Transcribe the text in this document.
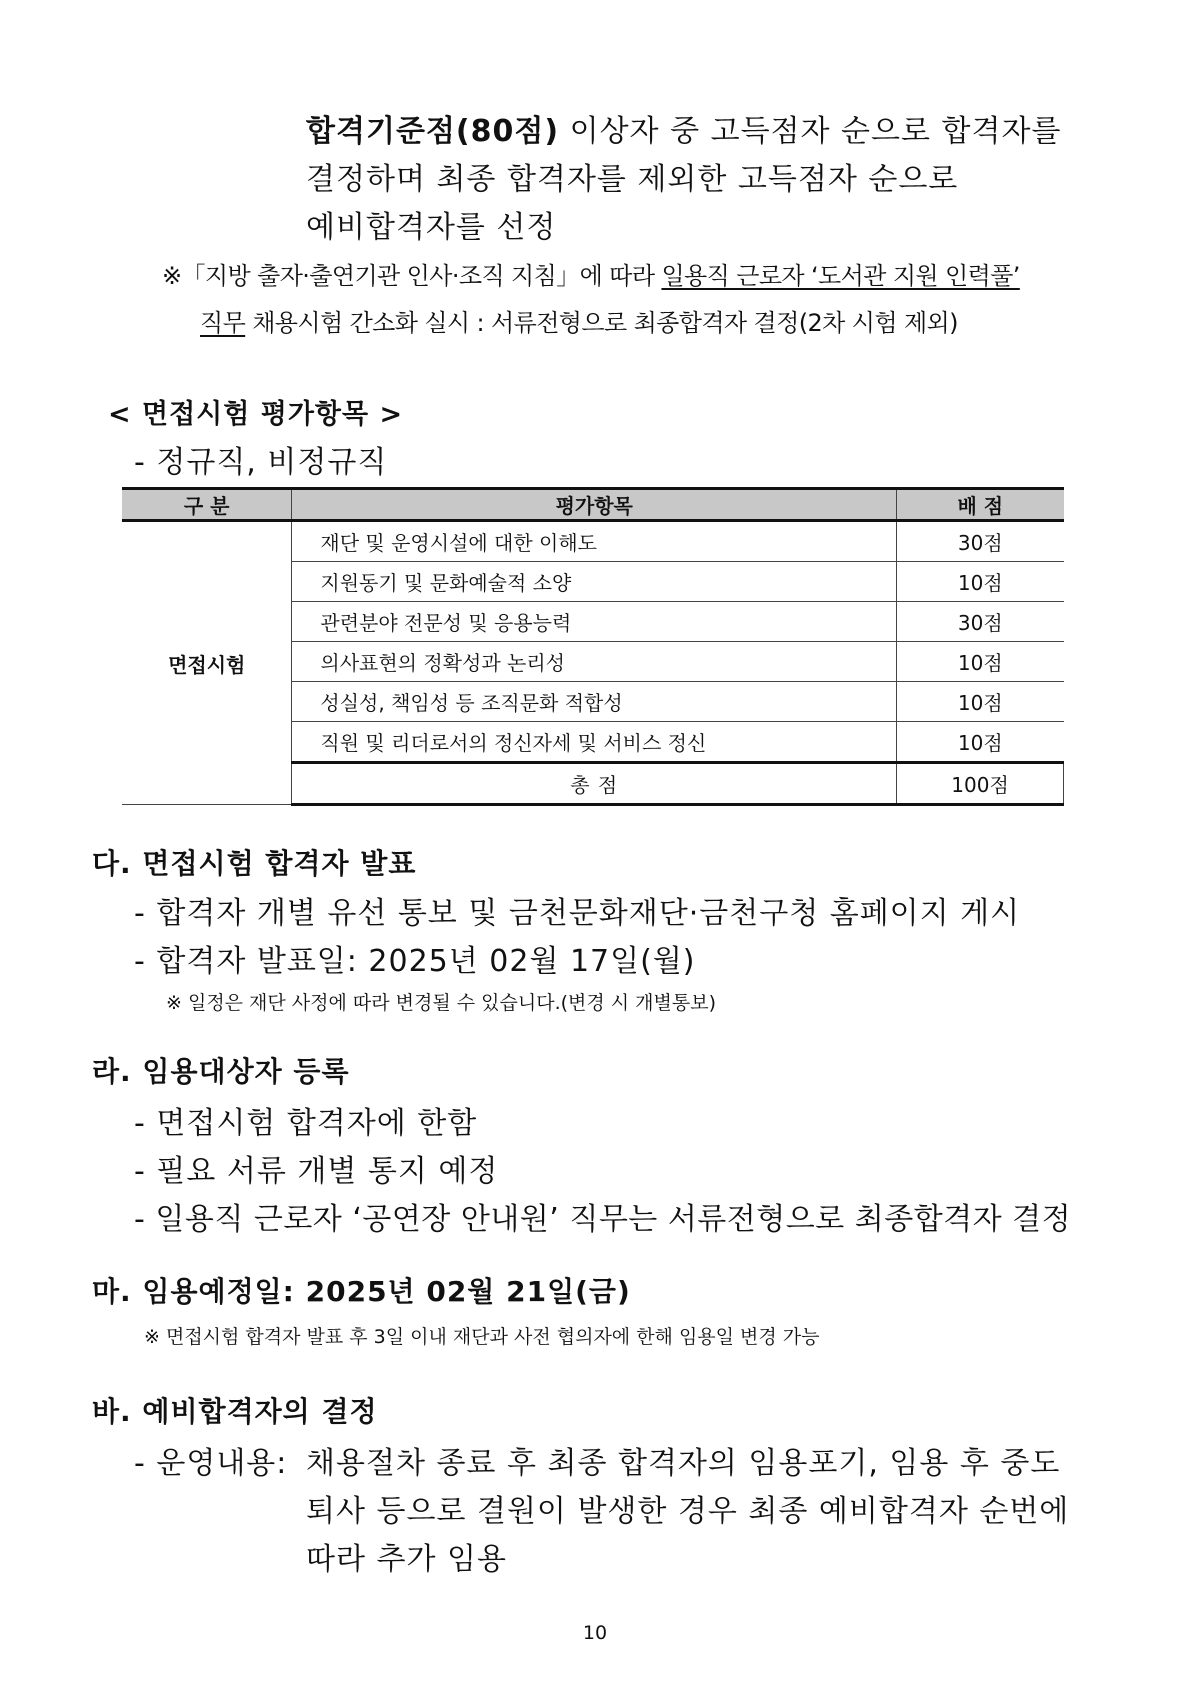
합격기준점(80점) 이상자 중 고득점자 순으로 합격자를
결정하며 최종 합격자를 제외한 고득점자 순으로
예비합격자를 선정
※「지방 출자·출연기관 인사·조직 지침」에 따라 일용직 근로자 ‘도서관 지원 인력풀’
직무 채용시험 간소화 실시 : 서류전형으로 최종합격자 결정(2차 시험 제외)
< 면접시험 평가항목 >
- 정규직, 비정규직
구 분	평가항목	배 점
면접시험	재단 및 운영시설에 대한 이해도	30점
	지원동기 및 문화예술적 소양	10점
	관련분야 전문성 및 응용능력	30점
	의사표현의 정확성과 논리성	10점
	성실성, 책임성 등 조직문화 적합성	10점
	직원 및 리더로서의 정신자세 및 서비스 정신	10점
	총 점	100점
다. 면접시험 합격자 발표
- 합격자 개별 유선 통보 및 금천문화재단·금천구청 홈페이지 게시
- 합격자 발표일: 2025년 02월 17일(월)
※ 일정은 재단 사정에 따라 변경될 수 있습니다.(변경 시 개별통보)
라. 임용대상자 등록
- 면접시험 합격자에 한함
- 필요 서류 개별 통지 예정
- 일용직 근로자 ‘공연장 안내원’ 직무는 서류전형으로 최종합격자 결정
마. 임용예정일: 2025년 02월 21일(금)
※ 면접시험 합격자 발표 후 3일 이내 재단과 사전 협의자에 한해 임용일 변경 가능
바. 예비합격자의 결정
- 운영내용: 채용절차 종료 후 최종 합격자의 임용포기, 임용 후 중도
퇴사 등으로 결원이 발생한 경우 최종 예비합격자 순번에
따라 추가 임용
10
